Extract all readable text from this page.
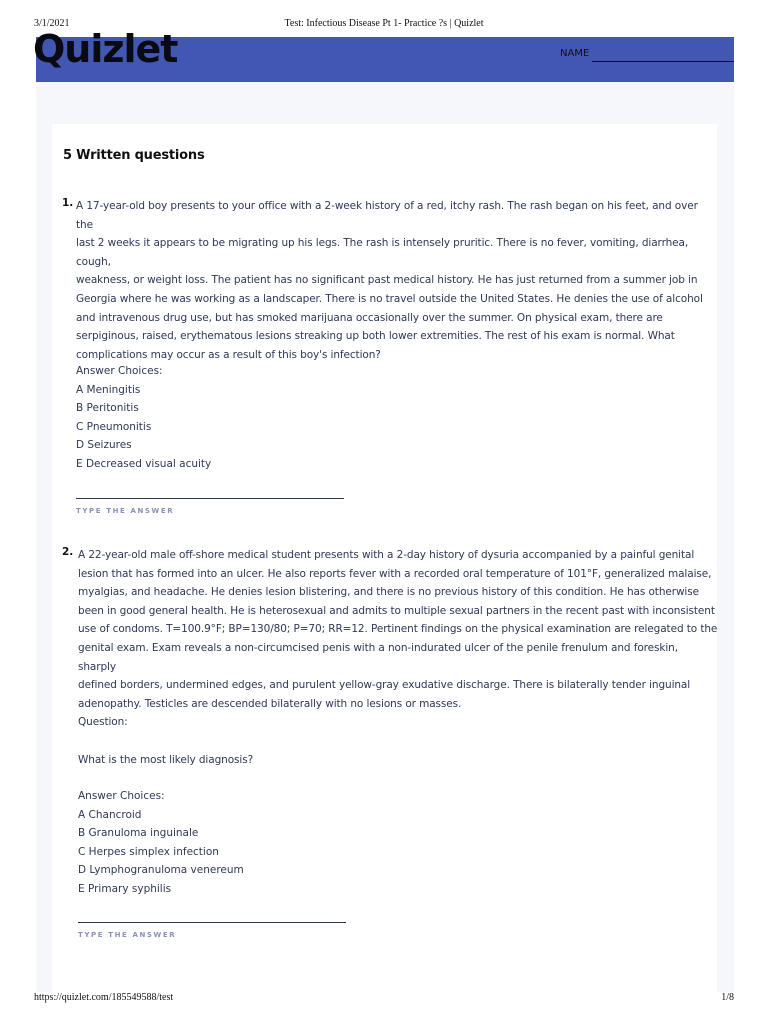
3/1/2021	Test: Infectious Disease Pt 1- Practice ?s | Quizlet
Quizlet	NAME
5 Written questions
1. A 17-year-old boy presents to your office with a 2-week history of a red, itchy rash. The rash began on his feet, and over the
last 2 weeks it appears to be migrating up his legs. The rash is intensely pruritic. There is no fever, vomiting, diarrhea, cough,
weakness, or weight loss. The patient has no significant past medical history. He has just returned from a summer job in
Georgia where he was working as a landscaper. There is no travel outside the United States. He denies the use of alcohol
and intravenous drug use, but has smoked marijuana occasionally over the summer. On physical exam, there are
serpiginous, raised, erythematous lesions streaking up both lower extremities. The rest of his exam is normal. What
complications may occur as a result of this boy's infection?
Answer Choices:
A Meningitis
B Peritonitis
C Pneumonitis
D Seizures
E Decreased visual acuity
TYPE THE ANSWER
2. A 22-year-old male off-shore medical student presents with a 2-day history of dysuria accompanied by a painful genital
lesion that has formed into an ulcer. He also reports fever with a recorded oral temperature of 101°F, generalized malaise,
myalgias, and headache. He denies lesion blistering, and there is no previous history of this condition. He has otherwise
been in good general health. He is heterosexual and admits to multiple sexual partners in the recent past with inconsistent
use of condoms. T=100.9°F; BP=130/80; P=70; RR=12. Pertinent findings on the physical examination are relegated to the
genital exam. Exam reveals a non-circumcised penis with a non-indurated ulcer of the penile frenulum and foreskin, sharply
defined borders, undermined edges, and purulent yellow-gray exudative discharge. There is bilaterally tender inguinal
adenopathy. Testicles are descended bilaterally with no lesions or masses.
Question:

What is the most likely diagnosis?
Answer Choices:
A Chancroid
B Granuloma inguinale
C Herpes simplex infection
D Lymphogranuloma venereum
E Primary syphilis
TYPE THE ANSWER
https://quizlet.com/185549588/test	1/8
